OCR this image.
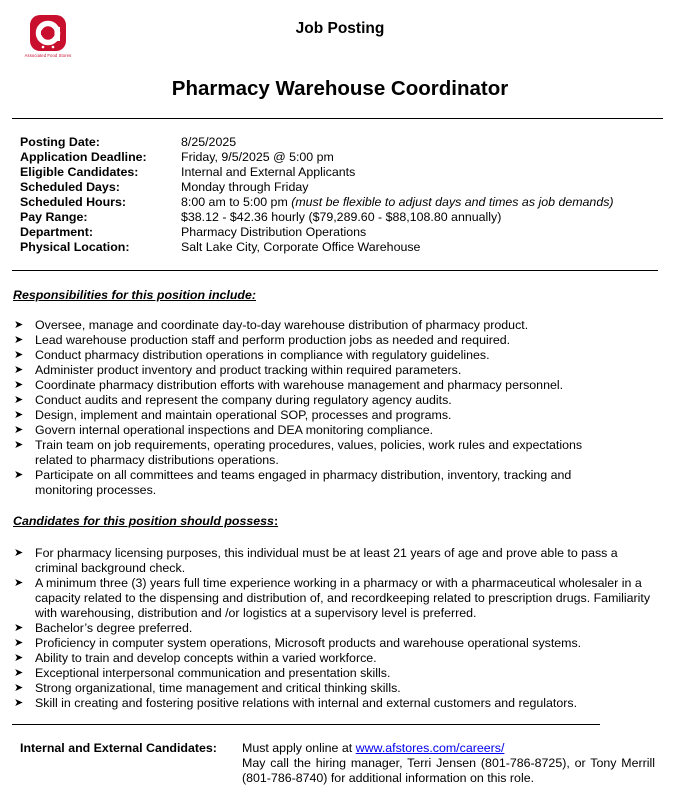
Associated Food Stores
Job Posting
Pharmacy Warehouse Coordinator
Posting Date:	8/25/2025
Application Deadline:	Friday, 9/5/2025 @ 5:00 pm
Eligible Candidates:	Internal and External Applicants
Scheduled Days:	Monday through Friday
Scheduled Hours:	8:00 am to 5:00 pm (must be flexible to adjust days and times as job demands)
Pay Range:	$38.12 - $42.36 hourly ($79,289.60 - $88,108.80 annually)
Department:	Pharmacy Distribution Operations
Physical Location:	Salt Lake City, Corporate Office Warehouse
Responsibilities for this position include:
➤ Oversee, manage and coordinate day-to-day warehouse distribution of pharmacy product.
➤ Lead warehouse production staff and perform production jobs as needed and required.
➤ Conduct pharmacy distribution operations in compliance with regulatory guidelines.
➤ Administer product inventory and product tracking within required parameters.
➤ Coordinate pharmacy distribution efforts with warehouse management and pharmacy personnel.
➤ Conduct audits and represent the company during regulatory agency audits.
➤ Design, implement and maintain operational SOP, processes and programs.
➤ Govern internal operational inspections and DEA monitoring compliance.
➤ Train team on job requirements, operating procedures, values, policies, work rules and expectations related to pharmacy distributions operations.
➤ Participate on all committees and teams engaged in pharmacy distribution, inventory, tracking and monitoring processes.
Candidates for this position should possess:
➤ For pharmacy licensing purposes, this individual must be at least 21 years of age and prove able to pass a criminal background check.
➤ A minimum three (3) years full time experience working in a pharmacy or with a pharmaceutical wholesaler in a capacity related to the dispensing and distribution of, and recordkeeping related to prescription drugs. Familiarity with warehousing, distribution and /or logistics at a supervisory level is preferred.
➤ Bachelor’s degree preferred.
➤ Proficiency in computer system operations, Microsoft products and warehouse operational systems.
➤ Ability to train and develop concepts within a varied workforce.
➤ Exceptional interpersonal communication and presentation skills.
➤ Strong organizational, time management and critical thinking skills.
➤ Skill in creating and fostering positive relations with internal and external customers and regulators.
Internal and External Candidates:	Must apply online at www.afstores.com/careers/
May call the hiring manager, Terri Jensen (801-786-8725), or Tony Merrill (801-786-8740) for additional information on this role.
